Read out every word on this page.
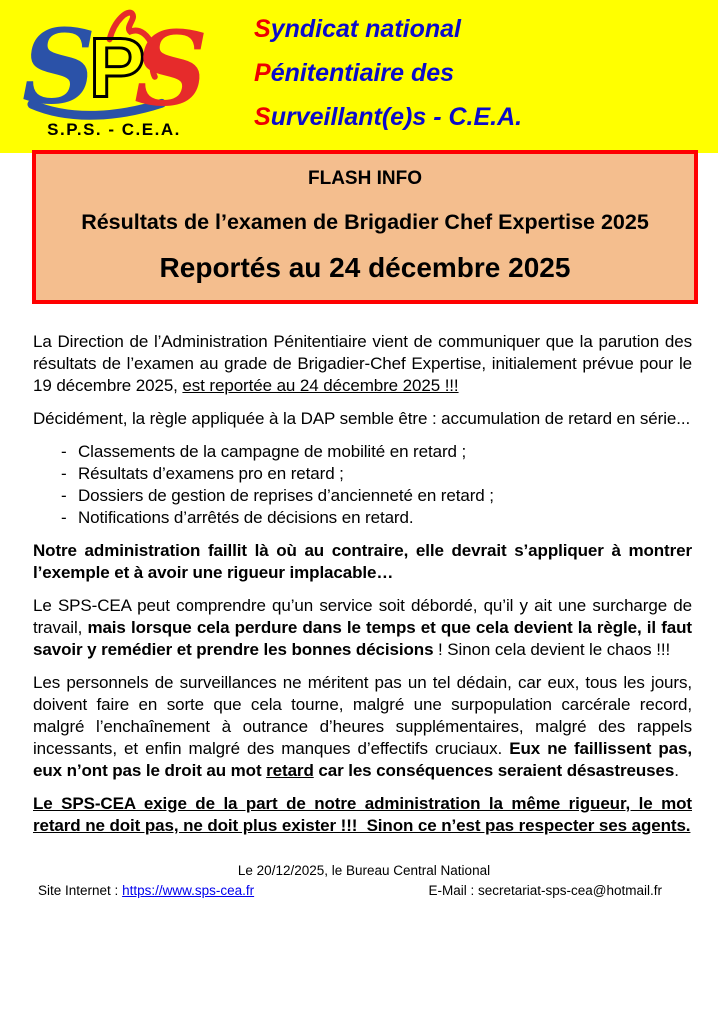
S
P
S
S.P.S. - C.E.A.
Syndicat national
Pénitentiaire des
Surveillant(e)s - C.E.A.
FLASH INFO
Résultats de l’examen de Brigadier Chef Expertise 2025
Reportés au 24 décembre 2025

La Direction de l’Administration Pénitentiaire vient de communiquer que la parution des résultats de l’examen au grade de Brigadier-Chef Expertise, initialement prévue pour le 19 décembre 2025, est reportée au 24 décembre 2025 !!!

Décidément, la règle appliquée à la DAP semble être : accumulation de retard en série...

- Classements de la campagne de mobilité en retard ;
- Résultats d’examens pro en retard ;
- Dossiers de gestion de reprises d’ancienneté en retard ;
- Notifications d’arrêtés de décisions en retard.

Notre administration faillit là où au contraire, elle devrait s’appliquer à montrer l’exemple et à avoir une rigueur implacable…

Le SPS-CEA peut comprendre qu’un service soit débordé, qu’il y ait une surcharge de travail, mais lorsque cela perdure dans le temps et que cela devient la règle, il faut savoir y remédier et prendre les bonnes décisions ! Sinon cela devient le chaos !!!

Les personnels de surveillances ne méritent pas un tel dédain, car eux, tous les jours, doivent faire en sorte que cela tourne, malgré une surpopulation carcérale record, malgré l’enchaînement à outrance d’heures supplémentaires, malgré des rappels incessants, et enfin malgré des manques d’effectifs cruciaux. Eux ne faillissent pas, eux n’ont pas le droit au mot retard car les conséquences seraient désastreuses.

Le SPS-CEA exige de la part de notre administration la même rigueur, le mot retard ne doit pas, ne doit plus exister !!!  Sinon ce n’est pas respecter ses agents.

Le 20/12/2025, le Bureau Central National
Site Internet : https://www.sps-cea.fr	E-Mail : secretariat-sps-cea@hotmail.fr
